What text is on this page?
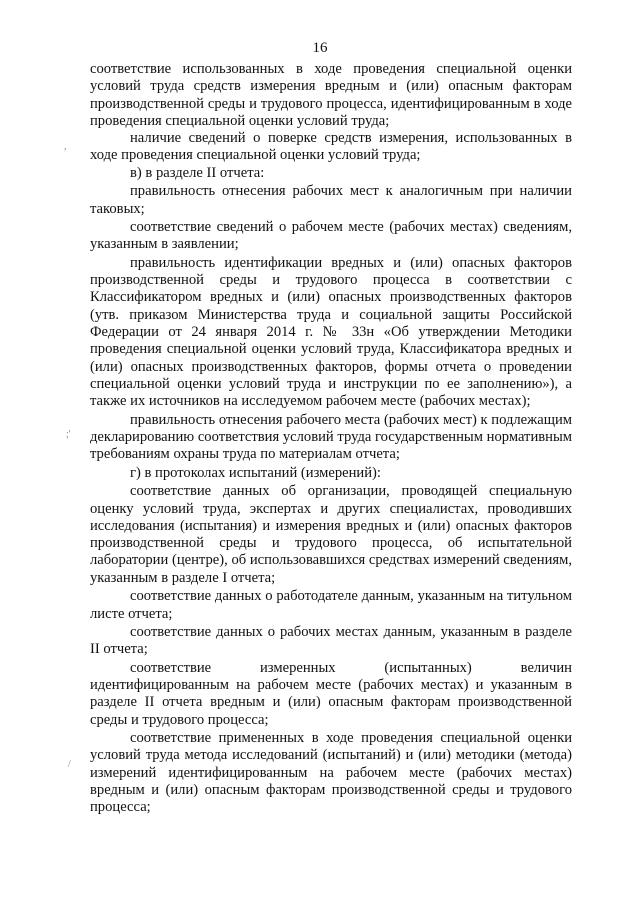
16

соответствие использованных в ходе проведения специальной оценки условий труда средств измерения вредным и (или) опасным факторам производственной среды и трудового процесса, идентифицированным в ходе проведения специальной оценки условий труда;

наличие сведений о поверке средств измерения, использованных в ходе проведения специальной оценки условий труда;

в) в разделе II отчета:

правильность отнесения рабочих мест к аналогичным при наличии таковых;

соответствие сведений о рабочем месте (рабочих местах) сведениям, указанным в заявлении;

правильность идентификации вредных и (или) опасных факторов производственной среды и трудового процесса в соответствии с Классификатором вредных и (или) опасных производственных факторов (утв. приказом Министерства труда и социальной защиты Российской Федерации от 24 января 2014 г. № 33н «Об утверждении Методики проведения специальной оценки условий труда, Классификатора вредных и (или) опасных производственных факторов, формы отчета о проведении специальной оценки условий труда и инструкции по ее заполнению»), а также их источников на исследуемом рабочем месте (рабочих местах);

правильность отнесения рабочего места (рабочих мест) к подлежащим декларированию соответствия условий труда государственным нормативным требованиям охраны труда по материалам отчета;

г) в протоколах испытаний (измерений):

соответствие данных об организации, проводящей специальную оценку условий труда, экспертах и других специалистах, проводивших исследования (испытания) и измерения вредных и (или) опасных факторов производственной среды и трудового процесса, об испытательной лаборатории (центре), об использовавшихся средствах измерений сведениям, указанным в разделе I отчета;

соответствие данных о работодателе данным, указанным на титульном листе отчета;

соответствие данных о рабочих местах данным, указанным в разделе II отчета;

соответствие измеренных (испытанных) величин идентифицированным на рабочем месте (рабочих местах) и указанным в разделе II отчета вредным и (или) опасным факторам производственной среды и трудового процесса;

соответствие примененных в ходе проведения специальной оценки условий труда метода исследований (испытаний) и (или) методики (метода) измерений идентифицированным на рабочем месте (рабочих местах) вредным и (или) опасным факторам производственной среды и трудового процесса;

,
;'
/
